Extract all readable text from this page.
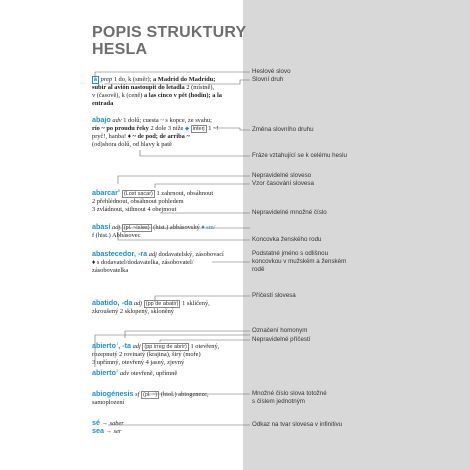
POPIS STRUKTURY
HESLA
a prep 1 do, k (směr); a Madrid do Madridu;
subir al avión nastoupit do letadla 2 (místně),
v (časově), k (ceně) a las cinco v pět (hodin); a la entrada
abajo adv 1 dolů; cuesta ~ s kopce, ze svahu;
río ~ po proudu řeky 2 dole 3 níže ◆ interj 1 ~!
pryč!, hanba! ♦ ~ de pod; de arriba ~
(od)shora dolů, od hlavy k patě
abarcar$^6$ (Lost sacar) 1 zahrnout, obsáhnout
2 přehlédnout, obsáhnout pohledem
3 zvládnout, stihnout 4 obejmout
abasí adj (pl. ~ísíes) (hist.) abbásovský ♦ sm/
f (hist.) Abbásovec
abastecedor, -ra adj dodavatelský, zásobovací
♦ s dodavatel/dodavatelka, zásobovatel/
zásobovatelka
abatido, -da adj (pp de abatir) 1 sklíčený,
zkroušený 2 sklopený, skloněný
abierto$^1$, -ta adj (pp irreg de abrir) 1 otevřený,
rozepnutý 2 rovinatý (krajina), širý (moře)
3 upřímný, otevřený 4 jasný, zjevný
abierto$^2$ adv otevřeně, upřímně
abiogénesis sf (pl. ~) (biol.) abiogeneze,
samoplození
sé → saber
sea → ser
Heslové slovo
Slovní druh
Změna slovního druhu
Fráze vztahující se k celému heslu
Nepravidelné sloveso
Vzor časování slovesa
Nepravidelné množné číslo
Koncovka ženského rodu
Podstatné jméno s odlišnou
koncovkou v mužském a ženském
rodě
Příčestí slovesa
Označení homonym
Nepravidelné příčestí
Množné číslo slova totožné
s číslem jednotným
Odkaz na tvar slovesa v infinitivu
